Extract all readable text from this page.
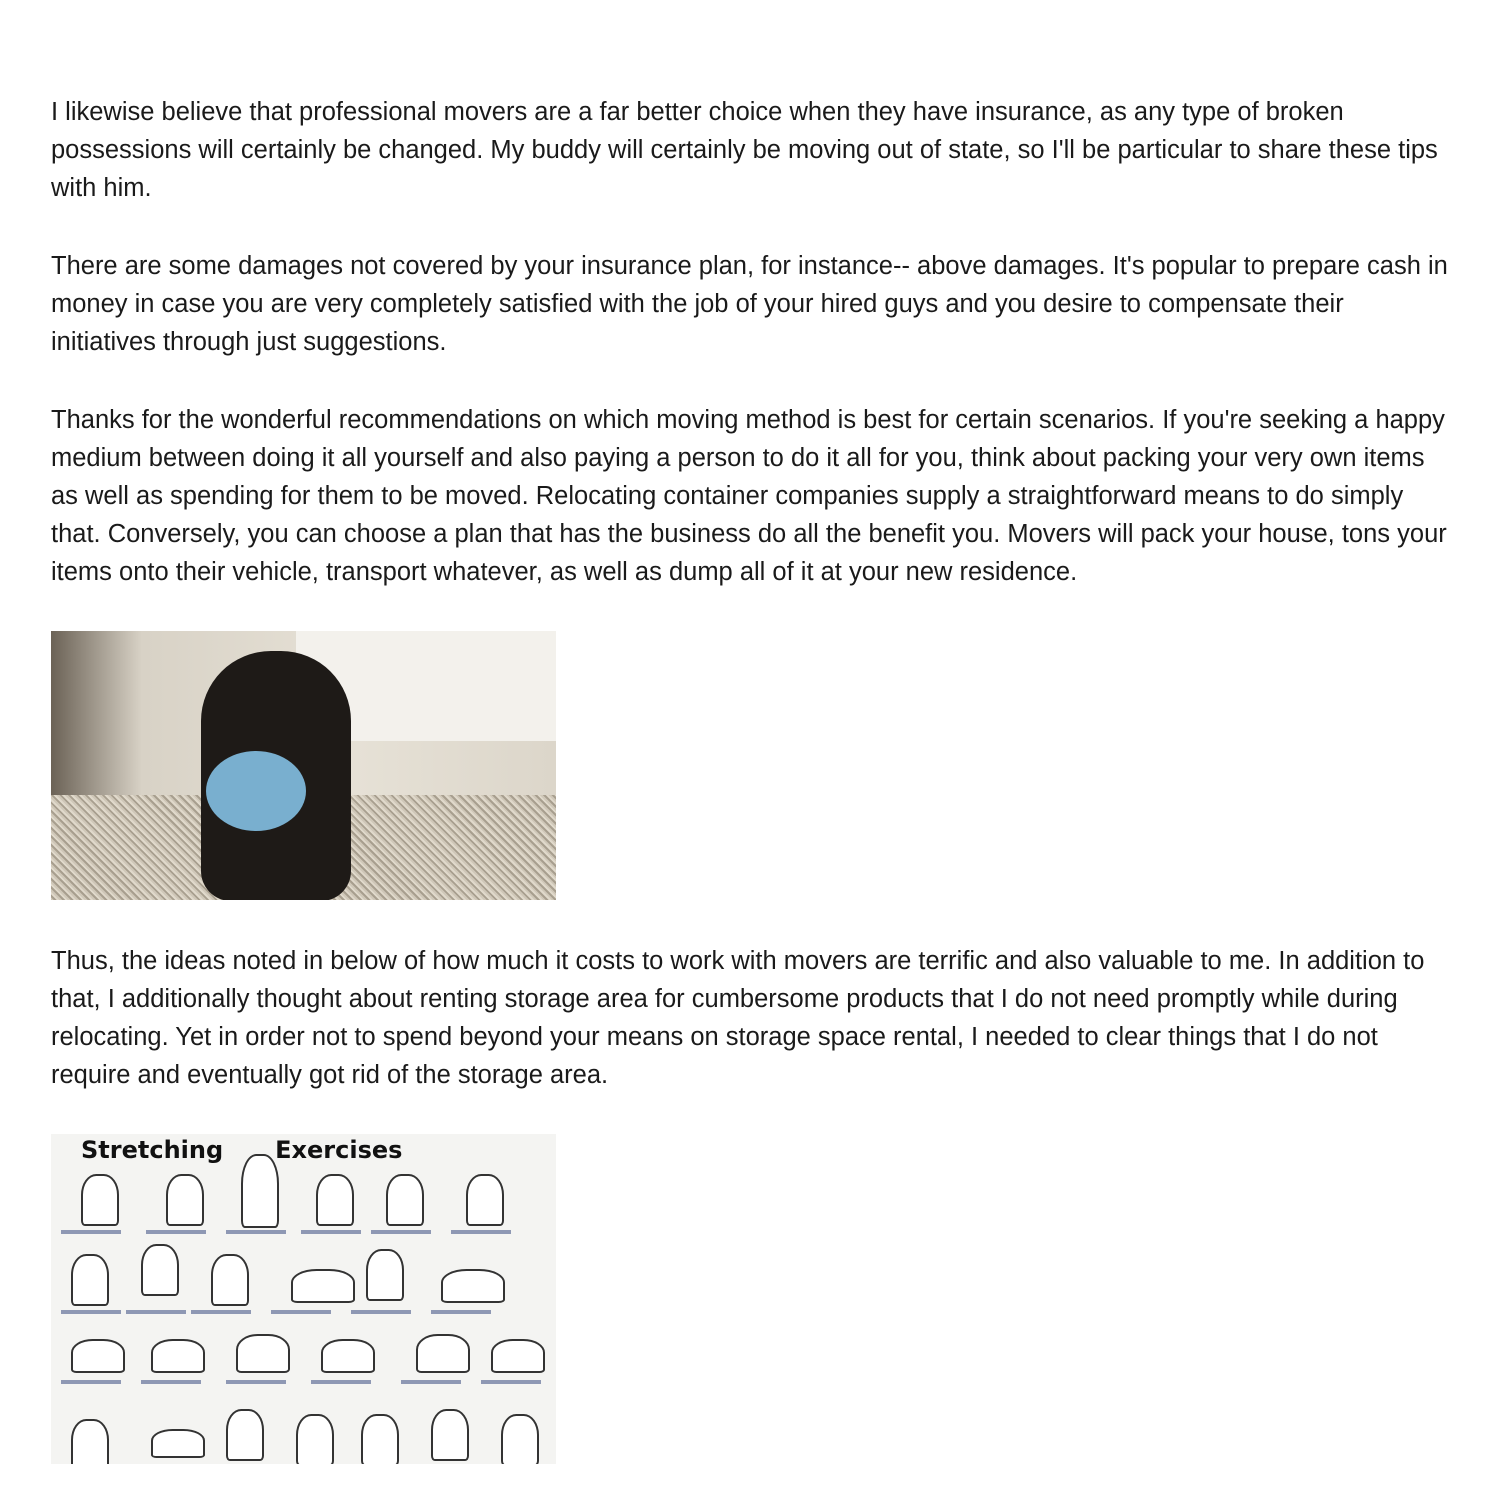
I likewise believe that professional movers are a far better choice when they have insurance, as any type of broken possessions will certainly be changed. My buddy will certainly be moving out of state, so I'll be particular to share these tips with him.

There are some damages not covered by your insurance plan, for instance-- above damages. It's popular to prepare cash in money in case you are very completely satisfied with the job of your hired guys and you desire to compensate their initiatives through just suggestions.

Thanks for the wonderful recommendations on which moving method is best for certain scenarios. If you're seeking a happy medium between doing it all yourself and also paying a person to do it all for you, think about packing your very own items as well as spending for them to be moved. Relocating container companies supply a straightforward means to do simply that. Conversely, you can choose a plan that has the business do all the benefit you. Movers will pack your house, tons your items onto their vehicle, transport whatever, as well as dump all of it at your new residence.

Thus, the ideas noted in below of how much it costs to work with movers are terrific and also valuable to me. In addition to that, I additionally thought about renting storage area for cumbersome products that I do not need promptly while during relocating. Yet in order not to spend beyond your means on storage space rental, I needed to clear things that I do not require and eventually got rid of the storage area.

Stretching Exercises
